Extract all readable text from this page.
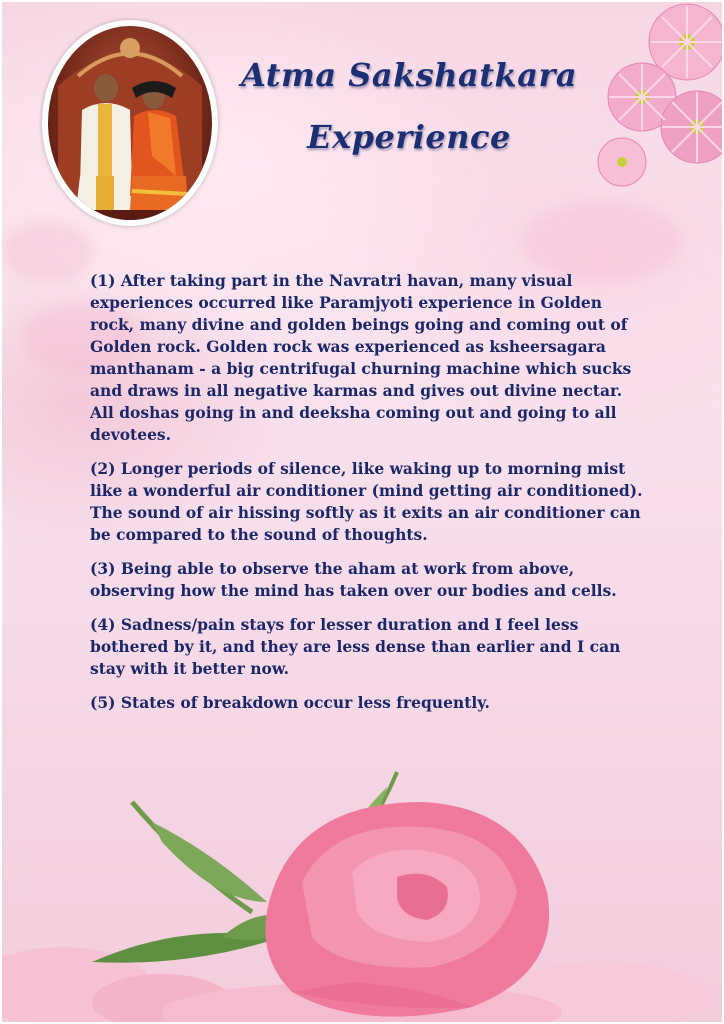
Atma Sakshatkara
Experience

(1) After taking part in the Navratri havan, many visual experiences occurred like Paramjyoti experience in Golden rock, many divine and golden beings going and coming out of Golden rock. Golden rock was experienced as ksheersagara manthanam - a big centrifugal churning machine which sucks and draws in all negative karmas and gives out divine nectar. All doshas going in and deeksha coming out and going to all devotees.

(2) Longer periods of silence, like waking up to morning mist like a wonderful air conditioner (mind getting air conditioned). The sound of air hissing softly as it exits an air conditioner can be compared to the sound of thoughts.

(3) Being able to observe the aham at work from above, observing how the mind has taken over our bodies and cells.

(4) Sadness/pain stays for lesser duration and I feel less bothered by it, and they are less dense than earlier and I can stay with it better now.

(5) States of breakdown occur less frequently.
